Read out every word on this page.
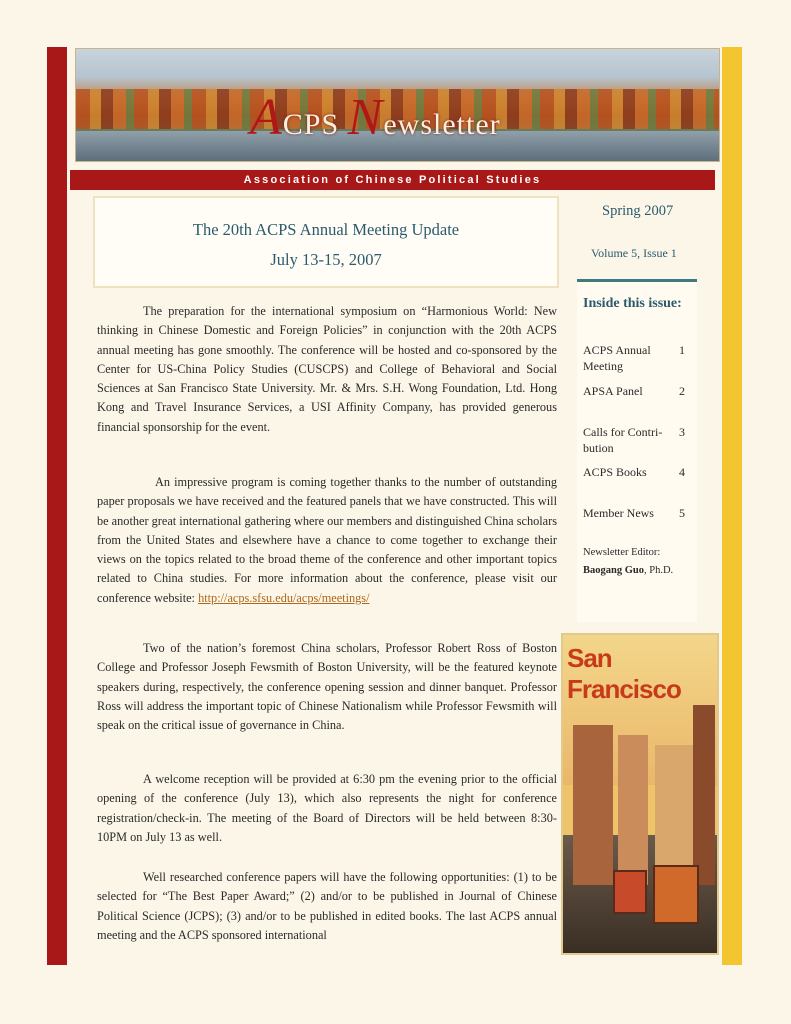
ACPS Newsletter
Association of Chinese Political Studies
The 20th ACPS Annual Meeting Update
July 13-15, 2007
Spring 2007
Volume 5, Issue 1
Inside this issue:
ACPS Annual Meeting
1
APSA Panel	2
Calls for Contri-bution
3
ACPS Books	4
Member News 5
Newsletter Editor:
Baogang Guo, Ph.D.

The preparation for the international symposium on “Harmonious World: New thinking in Chinese Domestic and Foreign Policies” in conjunction with the 20th ACPS annual meeting has gone smoothly. The conference will be hosted and co-sponsored by the Center for US-China Policy Studies (CUSCPS) and College of Behavioral and Social Sciences at San Francisco State University. Mr. & Mrs. S.H. Wong Foundation, Ltd. Hong Kong and Travel Insurance Services, a USI Affinity Company, has provided generous financial sponsorship for the event.

An impressive program is coming together thanks to the number of outstanding paper proposals we have received and the featured panels that we have constructed. This will be another great international gathering where our members and distinguished China scholars from the United States and elsewhere have a chance to come together to exchange their views on the topics related to the broad theme of the conference and other important topics related to China studies. For more information about the conference, please visit our conference website: http://acps.sfsu.edu/acps/meetings/

Two of the nation’s foremost China scholars, Professor Robert Ross of Boston College and Professor Joseph Fewsmith of Boston University, will be the featured keynote speakers during, respectively, the conference opening session and dinner banquet. Professor Ross will address the important topic of Chinese Nationalism while Professor Fewsmith will speak on the critical issue of governance in China.

A welcome reception will be provided at 6:30 pm the evening prior to the official opening of the conference (July 13), which also represents the night for conference registration/check-in. The meeting of the Board of Directors will be held between 8:30-10PM on July 13 as well.

Well researched conference papers will have the following opportunities: (1) to be selected for “The Best Paper Award;” (2) and/or to be published in Journal of Chinese Political Science (JCPS); (3) and/or to be published in edited books. The last ACPS annual meeting and the ACPS sponsored international

San Francisco
